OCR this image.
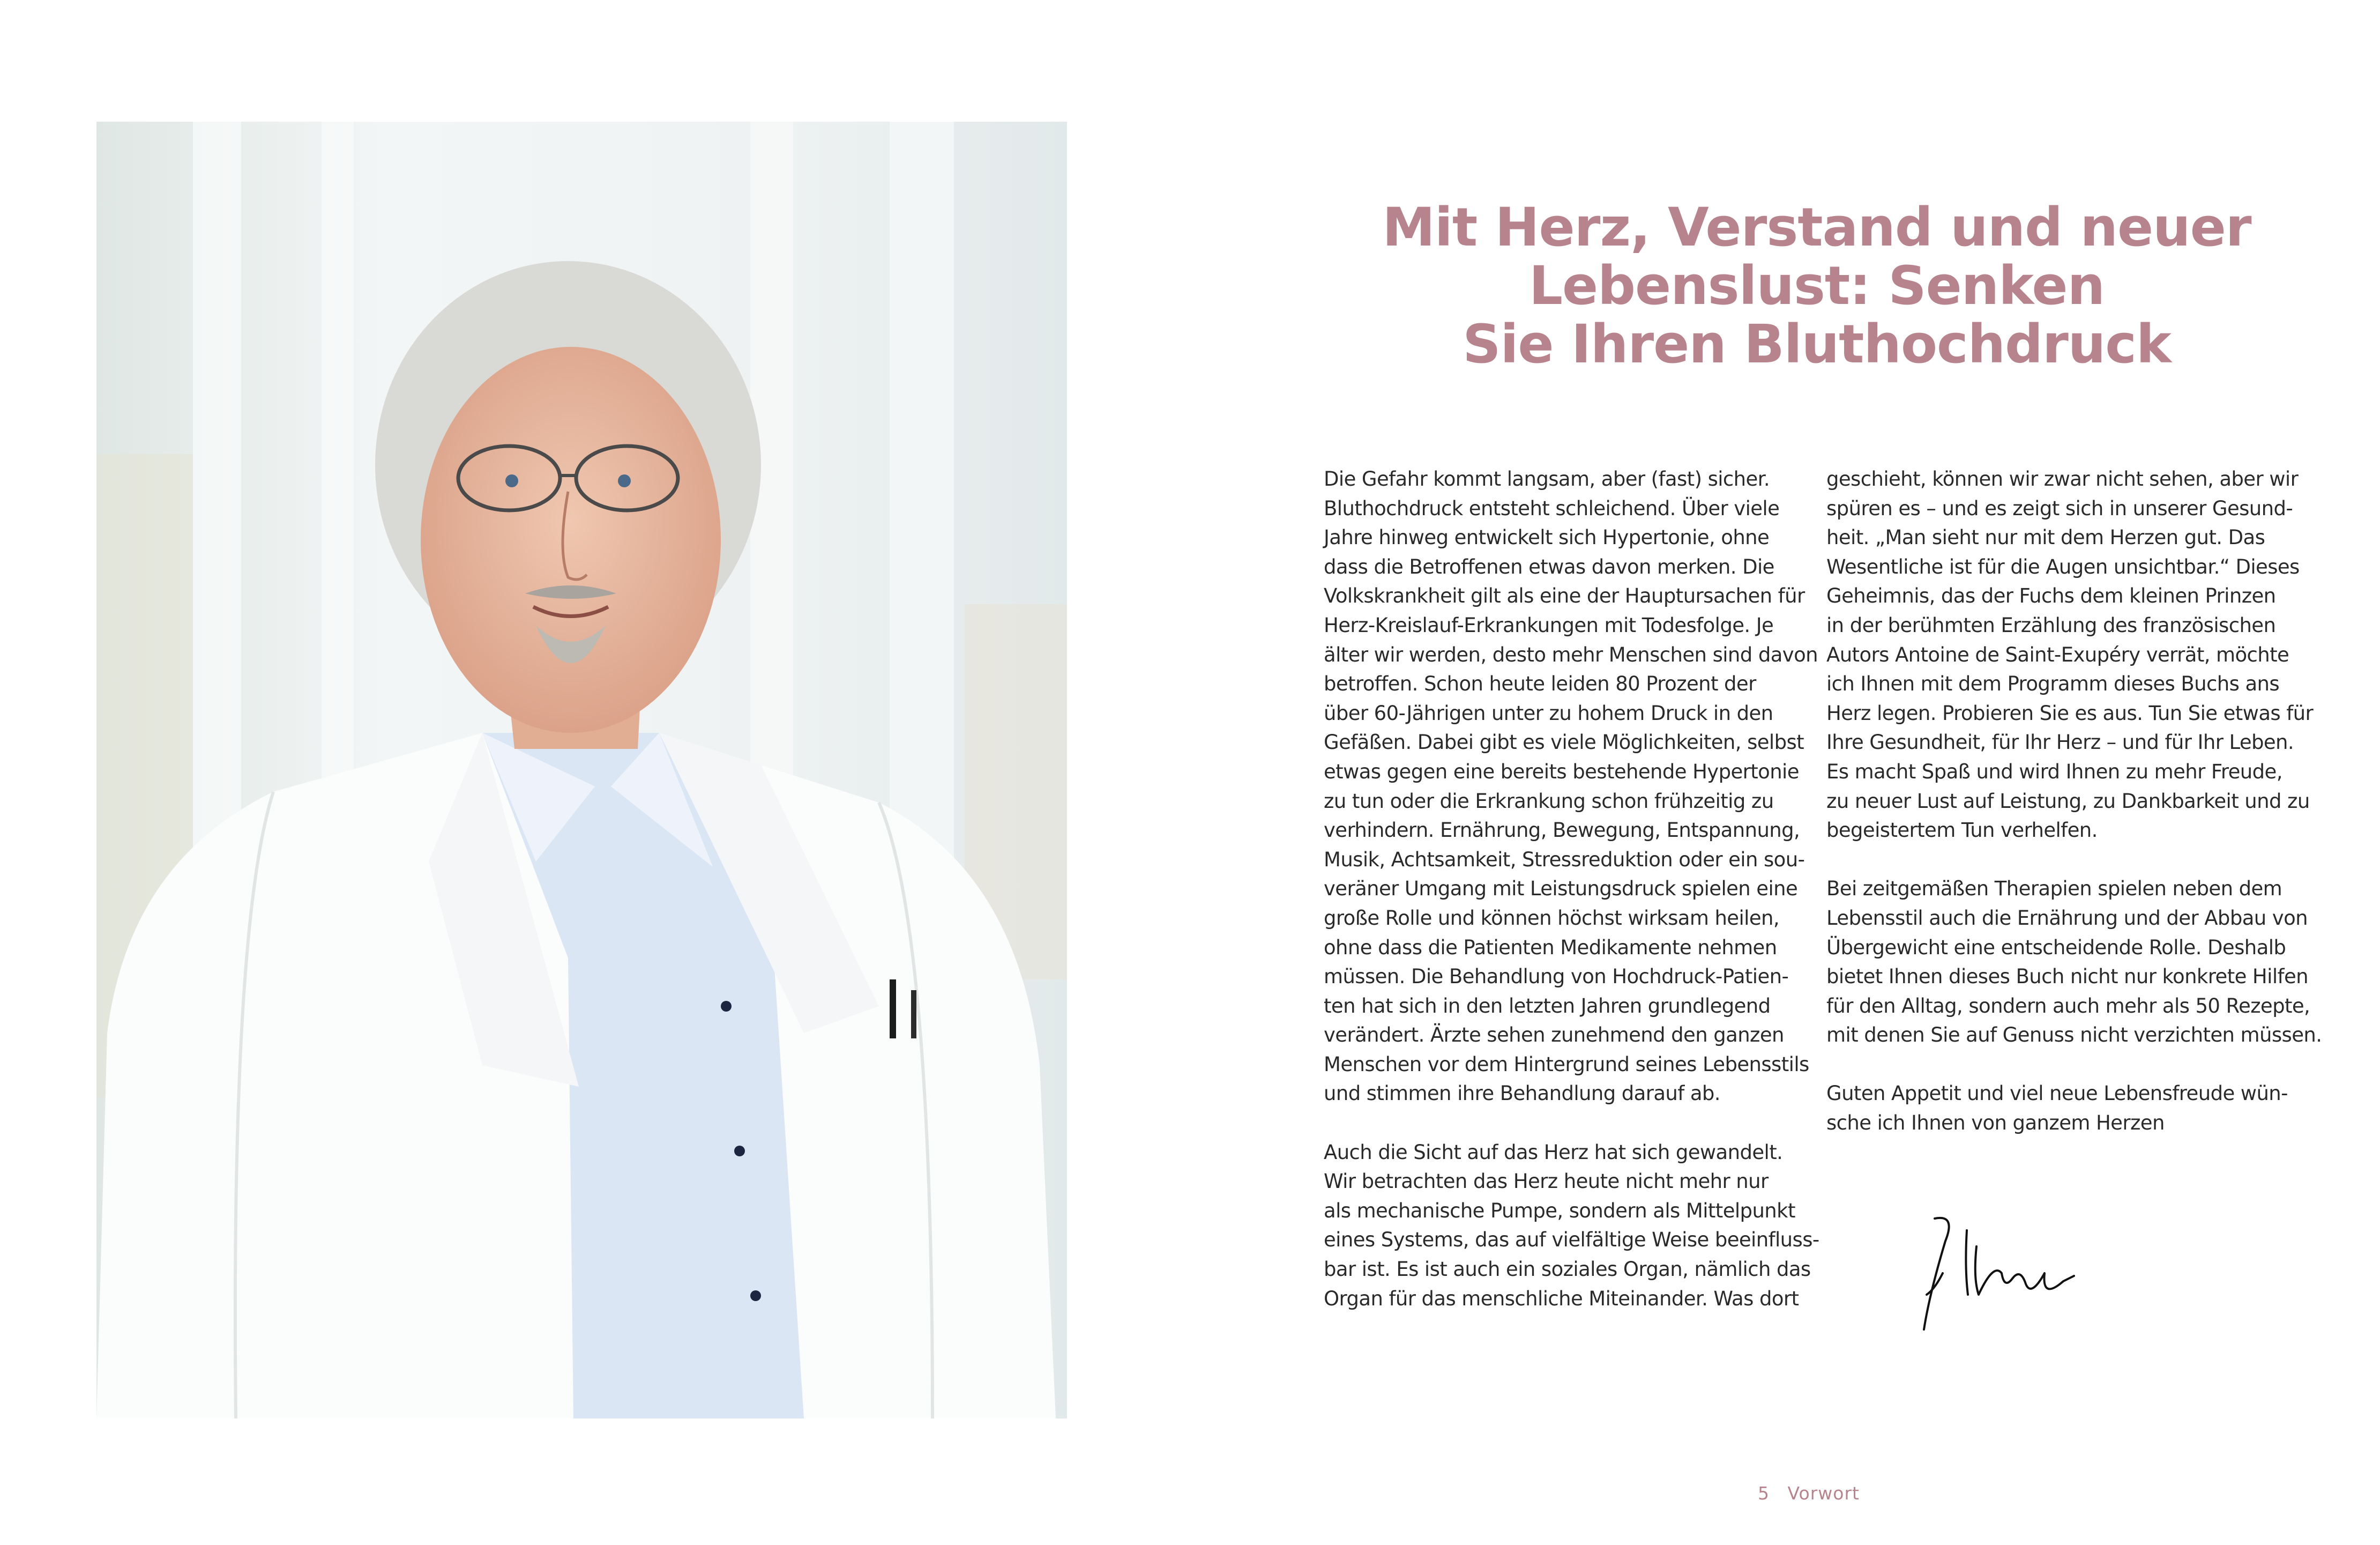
Mit Herz, Verstand und neuer
Lebenslust: Senken
Sie Ihren Bluthochdruck

Die Gefahr kommt langsam, aber (fast) sicher.
Bluthochdruck entsteht schleichend. Über viele
Jahre hinweg entwickelt sich Hypertonie, ohne
dass die Betroffenen etwas davon merken. Die
Volkskrankheit gilt als eine der Hauptursachen für
Herz-Kreislauf-Erkrankungen mit Todesfolge. Je
älter wir werden, desto mehr Menschen sind davon
betroffen. Schon heute leiden 80 Prozent der
über 60-Jährigen unter zu hohem Druck in den
Gefäßen. Dabei gibt es viele Möglichkeiten, selbst
etwas gegen eine bereits bestehende Hypertonie
zu tun oder die Erkrankung schon frühzeitig zu
verhindern. Ernährung, Bewegung, Entspannung,
Musik, Achtsamkeit, Stressreduktion oder ein sou-
veräner Umgang mit Leistungsdruck spielen eine
große Rolle und können höchst wirksam heilen,
ohne dass die Patienten Medikamente nehmen
müssen. Die Behandlung von Hochdruck-Patien-
ten hat sich in den letzten Jahren grundlegend
verändert. Ärzte sehen zunehmend den ganzen
Menschen vor dem Hintergrund seines Lebensstils
und stimmen ihre Behandlung darauf ab.

Auch die Sicht auf das Herz hat sich gewandelt.
Wir betrachten das Herz heute nicht mehr nur
als mechanische Pumpe, sondern als Mittelpunkt
eines Systems, das auf vielfältige Weise beeinfluss-
bar ist. Es ist auch ein soziales Organ, nämlich das
Organ für das menschliche Miteinander. Was dort

geschieht, können wir zwar nicht sehen, aber wir
spüren es – und es zeigt sich in unserer Gesund-
heit. „Man sieht nur mit dem Herzen gut. Das
Wesentliche ist für die Augen unsichtbar.“ Dieses
Geheimnis, das der Fuchs dem kleinen Prinzen
in der berühmten Erzählung des französischen
Autors Antoine de Saint-Exupéry verrät, möchte
ich Ihnen mit dem Programm dieses Buchs ans
Herz legen. Probieren Sie es aus. Tun Sie etwas für
Ihre Gesundheit, für Ihr Herz – und für Ihr Leben.
Es macht Spaß und wird Ihnen zu mehr Freude,
zu neuer Lust auf Leistung, zu Dankbarkeit und zu
begeistertem Tun verhelfen.

Bei zeitgemäßen Therapien spielen neben dem
Lebensstil auch die Ernährung und der Abbau von
Übergewicht eine entscheidende Rolle. Deshalb
bietet Ihnen dieses Buch nicht nur konkrete Hilfen
für den Alltag, sondern auch mehr als 50 Rezepte,
mit denen Sie auf Genuss nicht verzichten müssen.

Guten Appetit und viel neue Lebensfreude wün-
sche ich Ihnen von ganzem Herzen

5 Vorwort
